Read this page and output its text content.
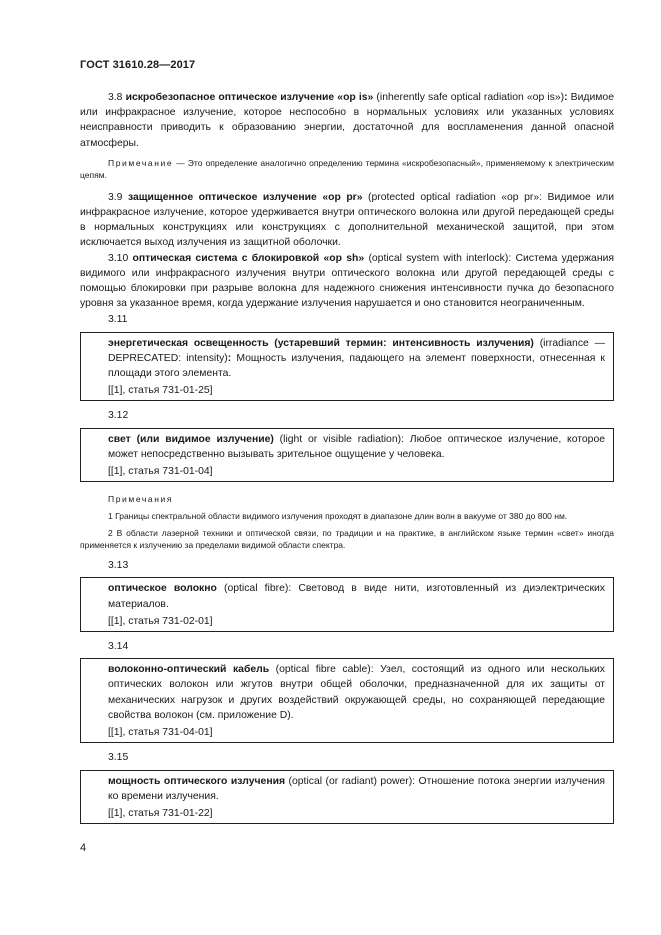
ГОСТ 31610.28—2017

3.8 искробезопасное оптическое излучение «op is» (inherently safe optical radiation «op is»): Видимое или инфракрасное излучение, которое неспособно в нормальных условиях или указанных условиях неисправности приводить к образованию энергии, достаточной для воспламенения данной опасной атмосферы.

Примечание — Это определение аналогично определению термина «искробезопасный», применяемому к электрическим цепям.

3.9 защищенное оптическое излучение «op pr» (protected optical radiation «op pr»: Видимое или инфракрасное излучение, которое удерживается внутри оптического волокна или другой передающей среды в нормальных конструкциях или конструкциях с дополнительной механической защитой, при этом исключается выход излучения из защитной оболочки.

3.10 оптическая система с блокировкой «op sh» (optical system with interlock): Система удержания видимого или инфракрасного излучения внутри оптического волокна или другой передающей среды с помощью блокировки при разрыве волокна для надежного снижения интенсивности пучка до безопасного уровня за указанное время, когда удержание излучения нарушается и оно становится неограниченным.

3.11

энергетическая освещенность (устаревший термин: интенсивность излучения) (irradiance — DEPRECATED: intensity): Мощность излучения, падающего на элемент поверхности, отнесенная к площади этого элемента.

[[1], статья 731-01-25]

3.12

свет (или видимое излучение) (light or visible radiation): Любое оптическое излучение, которое может непосредственно вызывать зрительное ощущение у человека.

[[1], статья 731-01-04]

Примечания

1 Границы спектральной области видимого излучения проходят в диапазоне длин волн в вакууме от 380 до 800 нм.

2 В области лазерной техники и оптической связи, по традиции и на практике, в английском языке термин «свет» иногда применяется к излучению за пределами видимой области спектра.

3.13

оптическое волокно (optical fibre): Световод в виде нити, изготовленный из диэлектрических материалов.

[[1], статья 731-02-01]

3.14

волоконно-оптический кабель (optical fibre cable): Узел, состоящий из одного или нескольких оптических волокон или жгутов внутри общей оболочки, предназначенной для их защиты от механических нагрузок и других воздействий окружающей среды, но сохраняющей передающие свойства волокон (см. приложение D).

[[1], статья 731-04-01]

3.15

мощность оптического излучения (optical (or radiant) power): Отношение потока энергии излучения ко времени излучения.

[[1], статья 731-01-22]

4
